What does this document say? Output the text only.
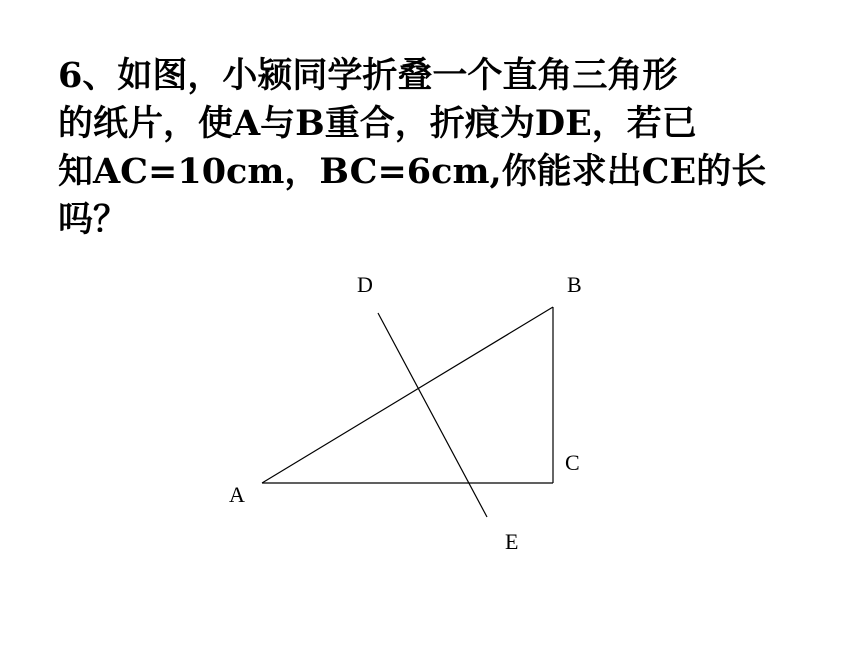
6、如图，小颍同学折叠一个直角三角形
的纸片，使A与B重合，折痕为DE，若已
知AC=10cm，BC=6cm,你能求出CE的长
吗？
D	B
C
A
E
